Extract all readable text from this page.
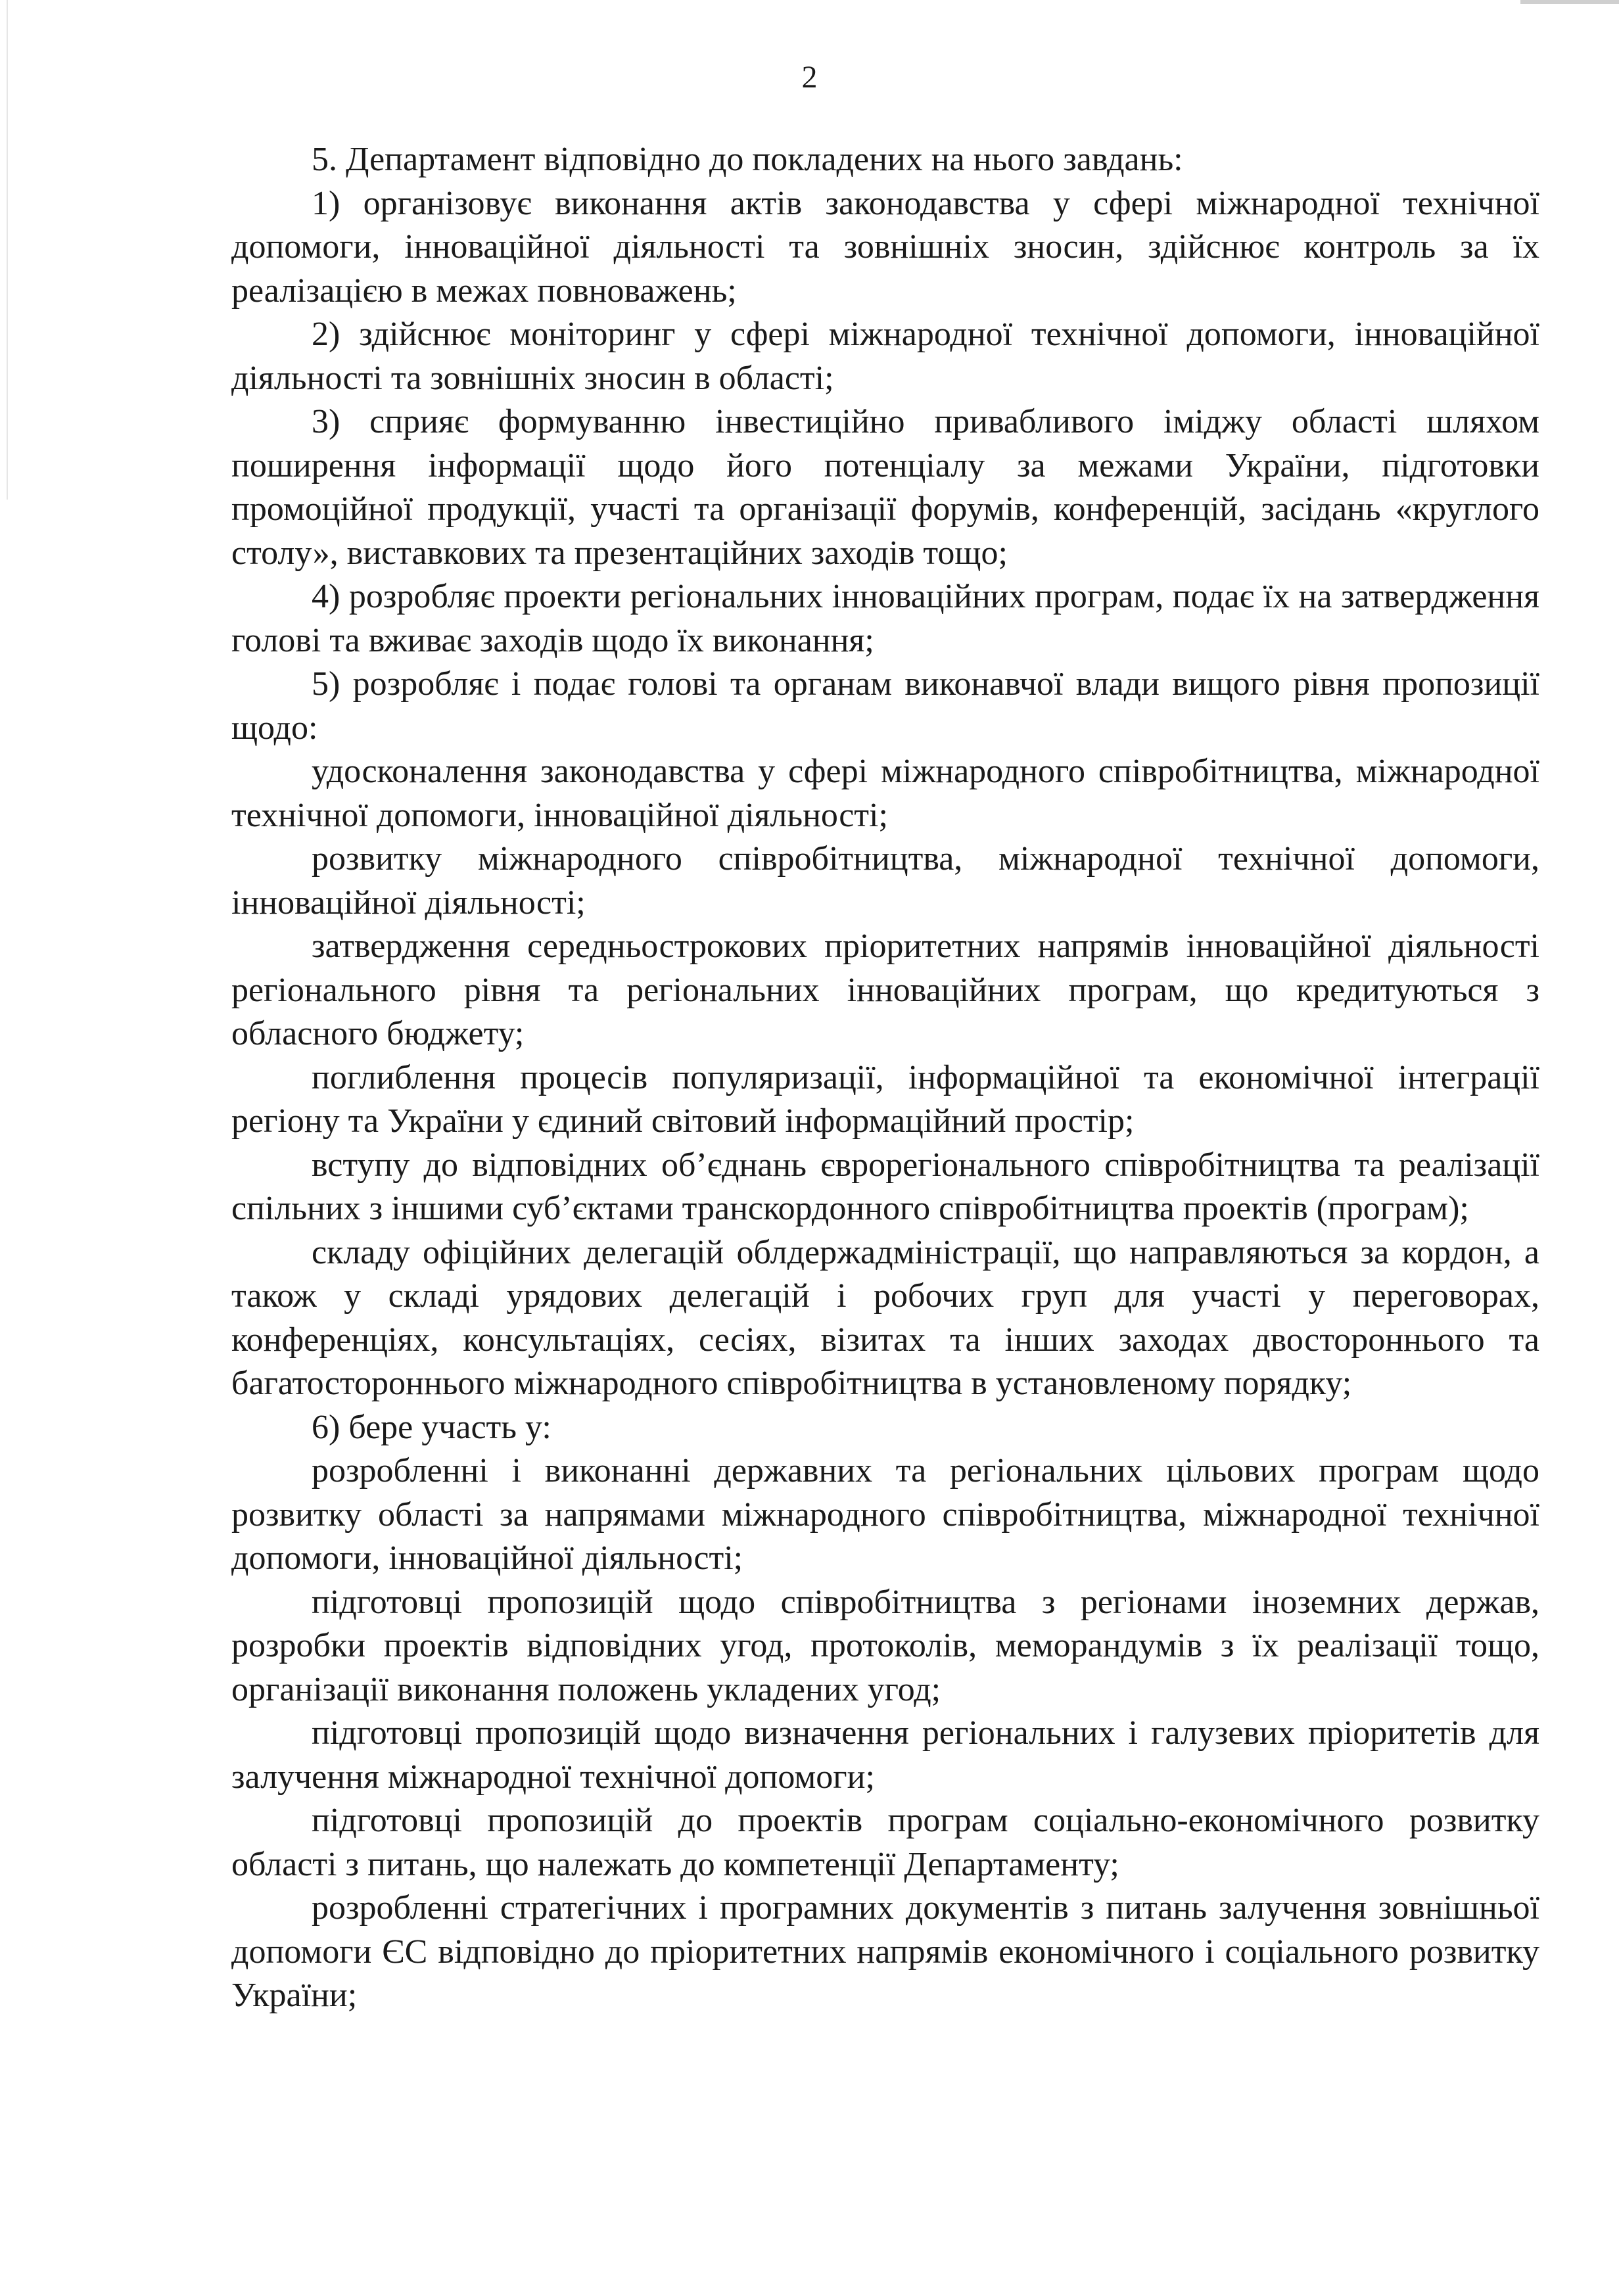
2

5. Департамент відповідно до покладених на нього завдань:

1) організовує виконання актів законодавства у сфері міжнародної технічної допомоги, інноваційної діяльності та зовнішніх зносин, здійснює контроль за їх реалізацією в межах повноважень;

2) здійснює моніторинг у сфері міжнародної технічної допомоги, інноваційної діяльності та зовнішніх зносин в області;

3) сприяє формуванню інвестиційно привабливого іміджу області шляхом поширення інформації щодо його потенціалу за межами України, підготовки промоційної продукції, участі та організації форумів, конференцій, засідань «круглого столу», виставкових та презентаційних заходів тощо;

4) розробляє проекти регіональних інноваційних програм, подає їх на затвердження голові та вживає заходів щодо їх виконання;

5) розробляє і подає голові та органам виконавчої влади вищого рівня пропозиції щодо:

удосконалення законодавства у сфері міжнародного співробітництва, міжнародної технічної допомоги, інноваційної діяльності;

розвитку міжнародного співробітництва, міжнародної технічної допомоги, інноваційної діяльності;

затвердження середньострокових пріоритетних напрямів інноваційної діяльності регіонального рівня та регіональних інноваційних програм, що кредитуються з обласного бюджету;

поглиблення процесів популяризації, інформаційної та економічної інтеграції регіону та України у єдиний світовий інформаційний простір;

вступу до відповідних об’єднань єврорегіонального співробітництва та реалізації спільних з іншими суб’єктами транскордонного співробітництва проектів (програм);

складу офіційних делегацій облдержадміністрації, що направляються за кордон, а також у складі урядових делегацій і робочих груп для участі у переговорах, конференціях, консультаціях, сесіях, візитах та інших заходах двостороннього та багатостороннього міжнародного співробітництва в установленому порядку;

6) бере участь у:

розробленні і виконанні державних та регіональних цільових програм щодо розвитку області за напрямами міжнародного співробітництва, міжнародної технічної допомоги, інноваційної діяльності;

підготовці пропозицій щодо співробітництва з регіонами іноземних держав, розробки проектів відповідних угод, протоколів, меморандумів з їх реалізації тощо, організації виконання положень укладених угод;

підготовці пропозицій щодо визначення регіональних і галузевих пріоритетів для залучення міжнародної технічної допомоги;

підготовці пропозицій до проектів програм соціально-економічного розвитку області з питань, що належать до компетенції Департаменту;

розробленні стратегічних і програмних документів з питань залучення зовнішньої допомоги ЄС відповідно до пріоритетних напрямів економічного і соціального розвитку України;
